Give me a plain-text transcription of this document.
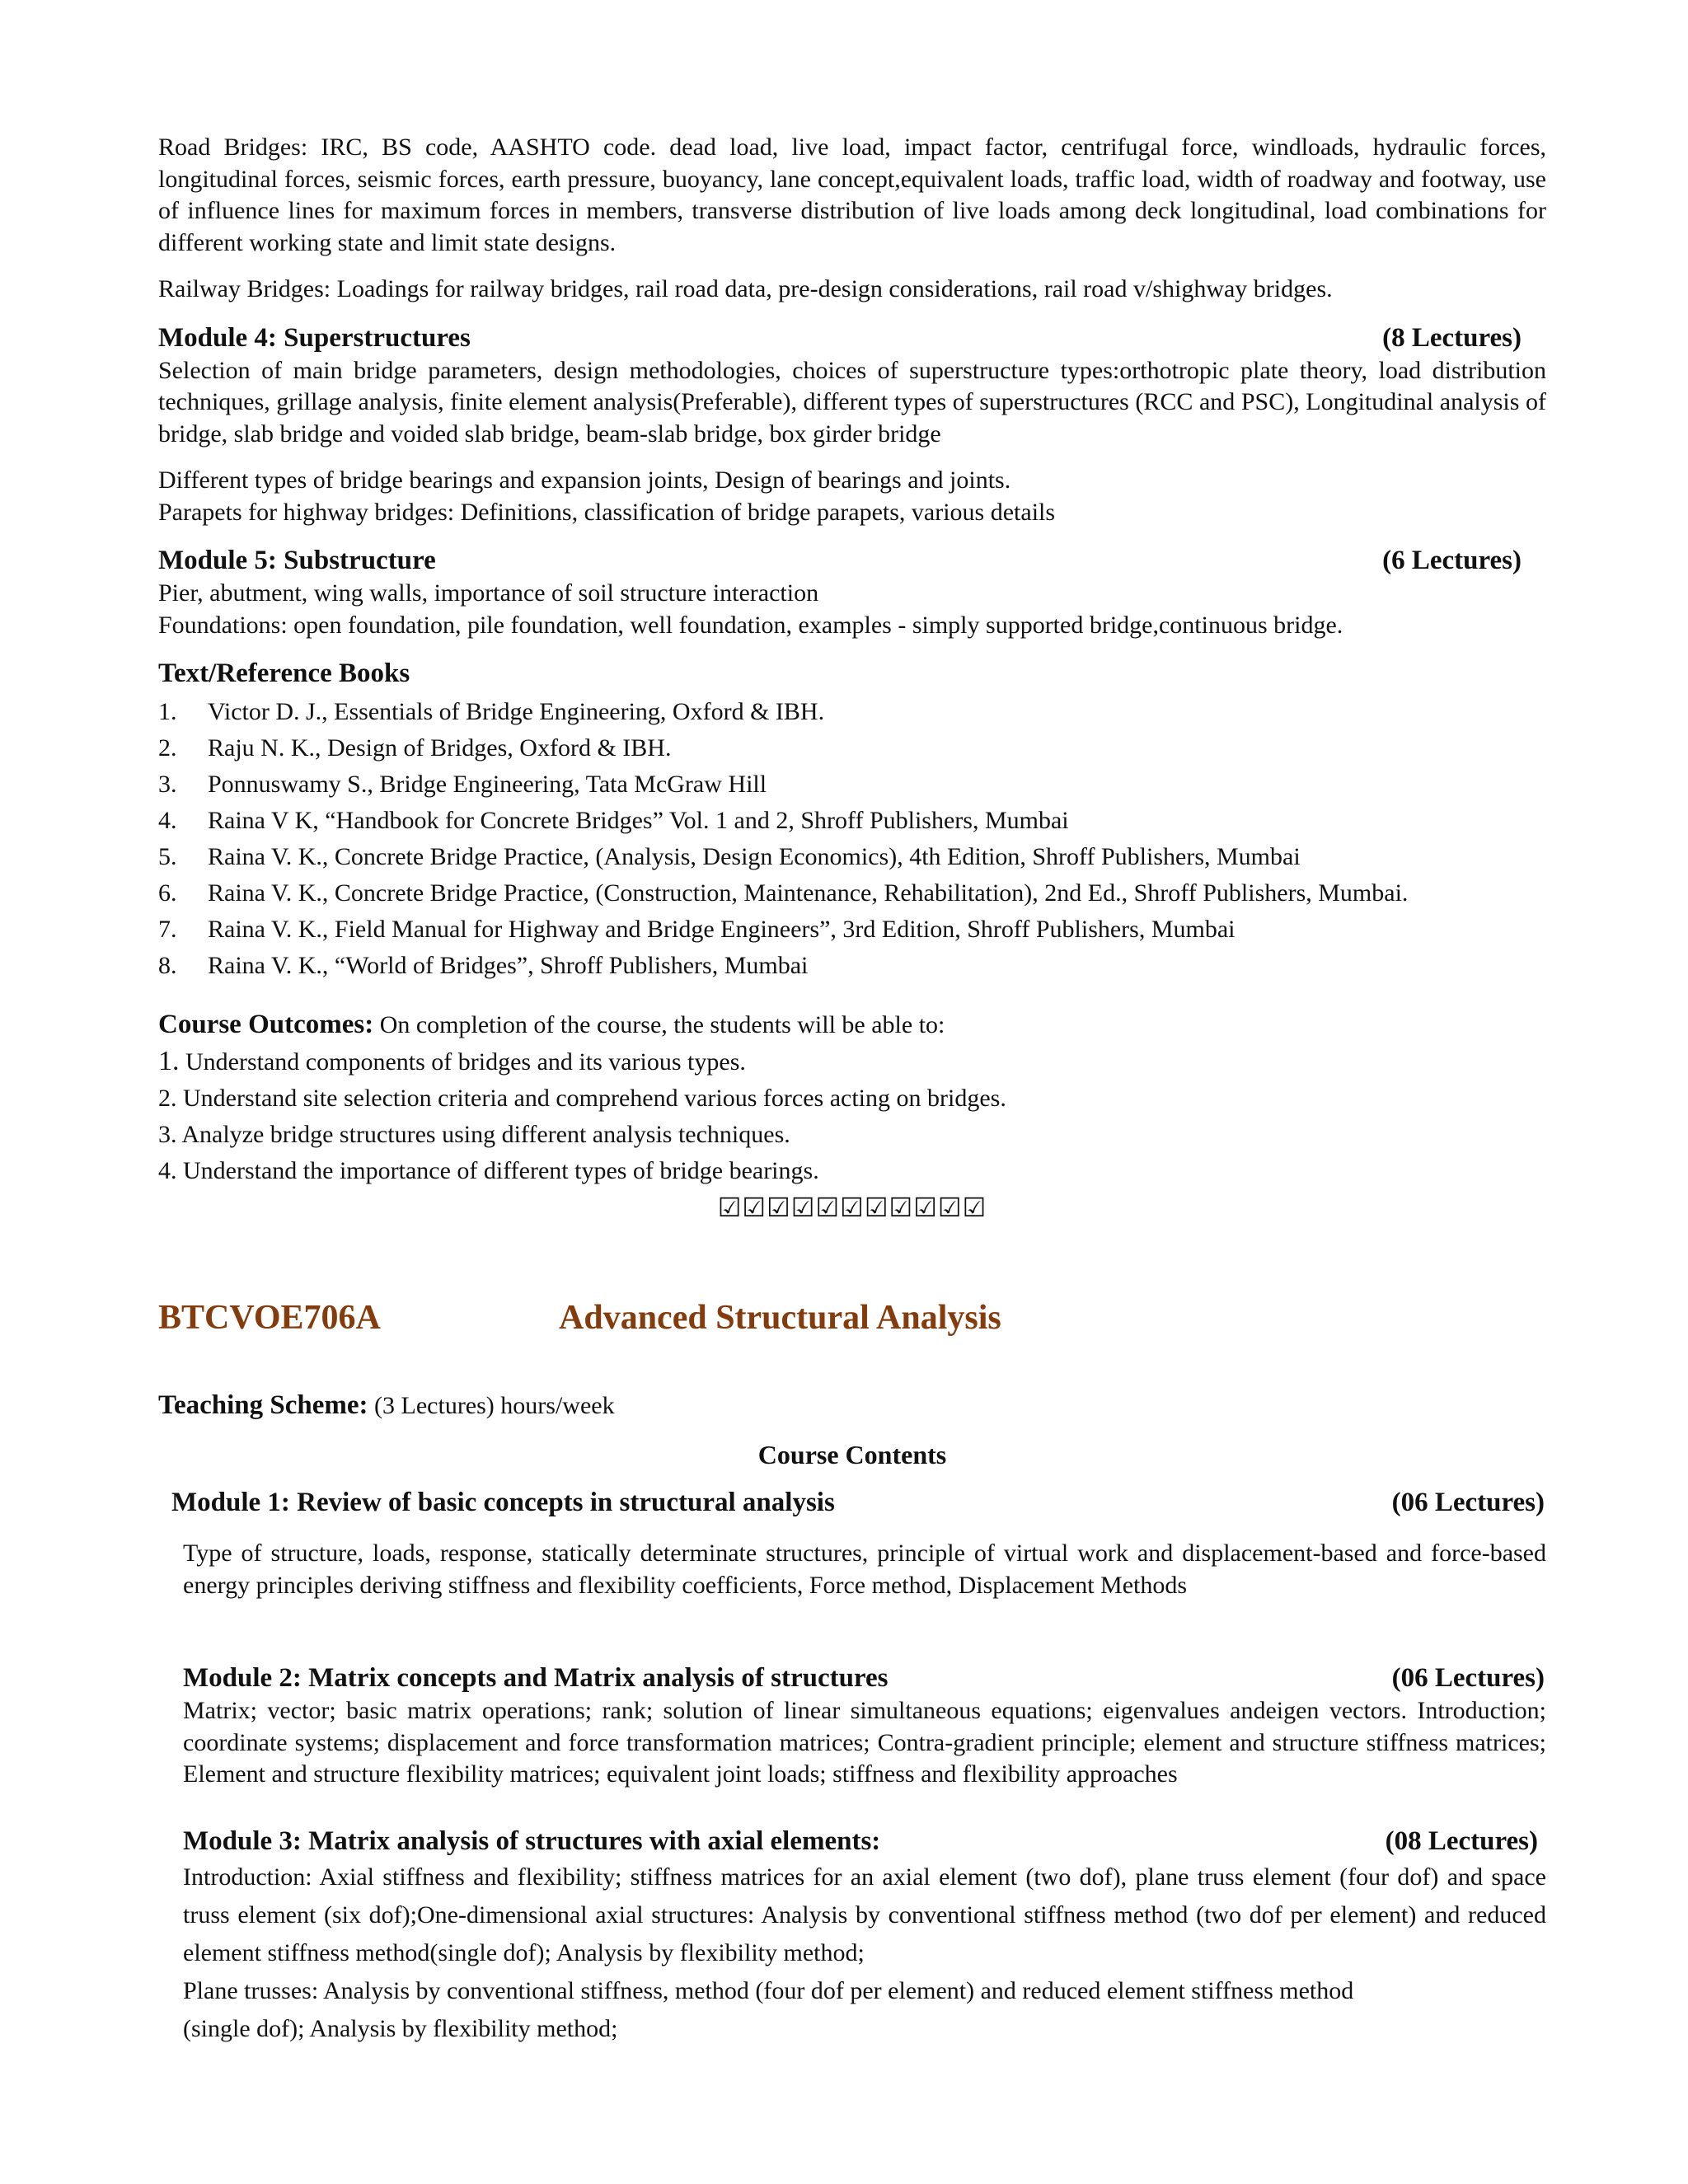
Road Bridges: IRC, BS code, AASHTO code. dead load, live load, impact factor, centrifugal force, windloads, hydraulic forces, longitudinal forces, seismic forces, earth pressure, buoyancy, lane concept,equivalent loads, traffic load, width of roadway and footway, use of influence lines for maximum forces in members, transverse distribution of live loads among deck longitudinal, load combinations for different working state and limit state designs.

Railway Bridges: Loadings for railway bridges, rail road data, pre-design considerations, rail road v/shighway bridges.

Module 4: Superstructures	(8 Lectures)

Selection of main bridge parameters, design methodologies, choices of superstructure types:orthotropic plate theory, load distribution techniques, grillage analysis, finite element analysis(Preferable), different types of superstructures (RCC and PSC), Longitudinal analysis of bridge, slab bridge and voided slab bridge, beam-slab bridge, box girder bridge

Different types of bridge bearings and expansion joints, Design of bearings and joints.

Parapets for highway bridges: Definitions, classification of bridge parapets, various details

Module 5: Substructure	(6 Lectures)

Pier, abutment, wing walls, importance of soil structure interaction

Foundations: open foundation, pile foundation, well foundation, examples - simply supported bridge,continuous bridge.

Text/Reference Books
1.	Victor D. J., Essentials of Bridge Engineering, Oxford & IBH.
2.	Raju N. K., Design of Bridges, Oxford & IBH.
3.	Ponnuswamy S., Bridge Engineering, Tata McGraw Hill
4.	Raina V K, “Handbook for Concrete Bridges” Vol. 1 and 2, Shroff Publishers, Mumbai
5.	Raina V. K., Concrete Bridge Practice, (Analysis, Design Economics), 4th Edition, Shroff Publishers, Mumbai
6.	Raina V. K., Concrete Bridge Practice, (Construction, Maintenance, Rehabilitation), 2nd Ed., Shroff Publishers, Mumbai.
7.	Raina V. K., Field Manual for Highway and Bridge Engineers”, 3rd Edition, Shroff Publishers, Mumbai
8.	Raina V. K., “World of Bridges”, Shroff Publishers, Mumbai
Course Outcomes: On completion of the course, the students will be able to:
1. Understand components of bridges and its various types.
2. Understand site selection criteria and comprehend various forces acting on bridges.
3. Analyze bridge structures using different analysis techniques.
4. Understand the importance of different types of bridge bearings.
☑☑☑☑☑☑☑☑☑☑☑
BTCVOE706A	Advanced Structural Analysis
Teaching Scheme: (3 Lectures) hours/week
Course Contents
Module 1: Review of basic concepts in structural analysis	(06 Lectures)

Type of structure, loads, response, statically determinate structures, principle of virtual work and displacement-based and force-based energy principles deriving stiffness and flexibility coefficients, Force method, Displacement Methods

Module 2: Matrix concepts and Matrix analysis of structures	(06 Lectures)

Matrix; vector; basic matrix operations; rank; solution of linear simultaneous equations; eigenvalues andeigen vectors. Introduction; coordinate systems; displacement and force transformation matrices; Contra-gradient principle; element and structure stiffness matrices; Element and structure flexibility matrices; equivalent joint loads; stiffness and flexibility approaches

Module 3: Matrix analysis of structures with axial elements:	(08 Lectures)

Introduction: Axial stiffness and flexibility; stiffness matrices for an axial element (two dof), plane truss element (four dof) and space truss element (six dof);One-dimensional axial structures: Analysis by conventional stiffness method (two dof per element) and reduced element stiffness method(single dof); Analysis by flexibility method;

Plane trusses: Analysis by conventional stiffness, method (four dof per element) and reduced element stiffness method

(single dof); Analysis by flexibility method;
